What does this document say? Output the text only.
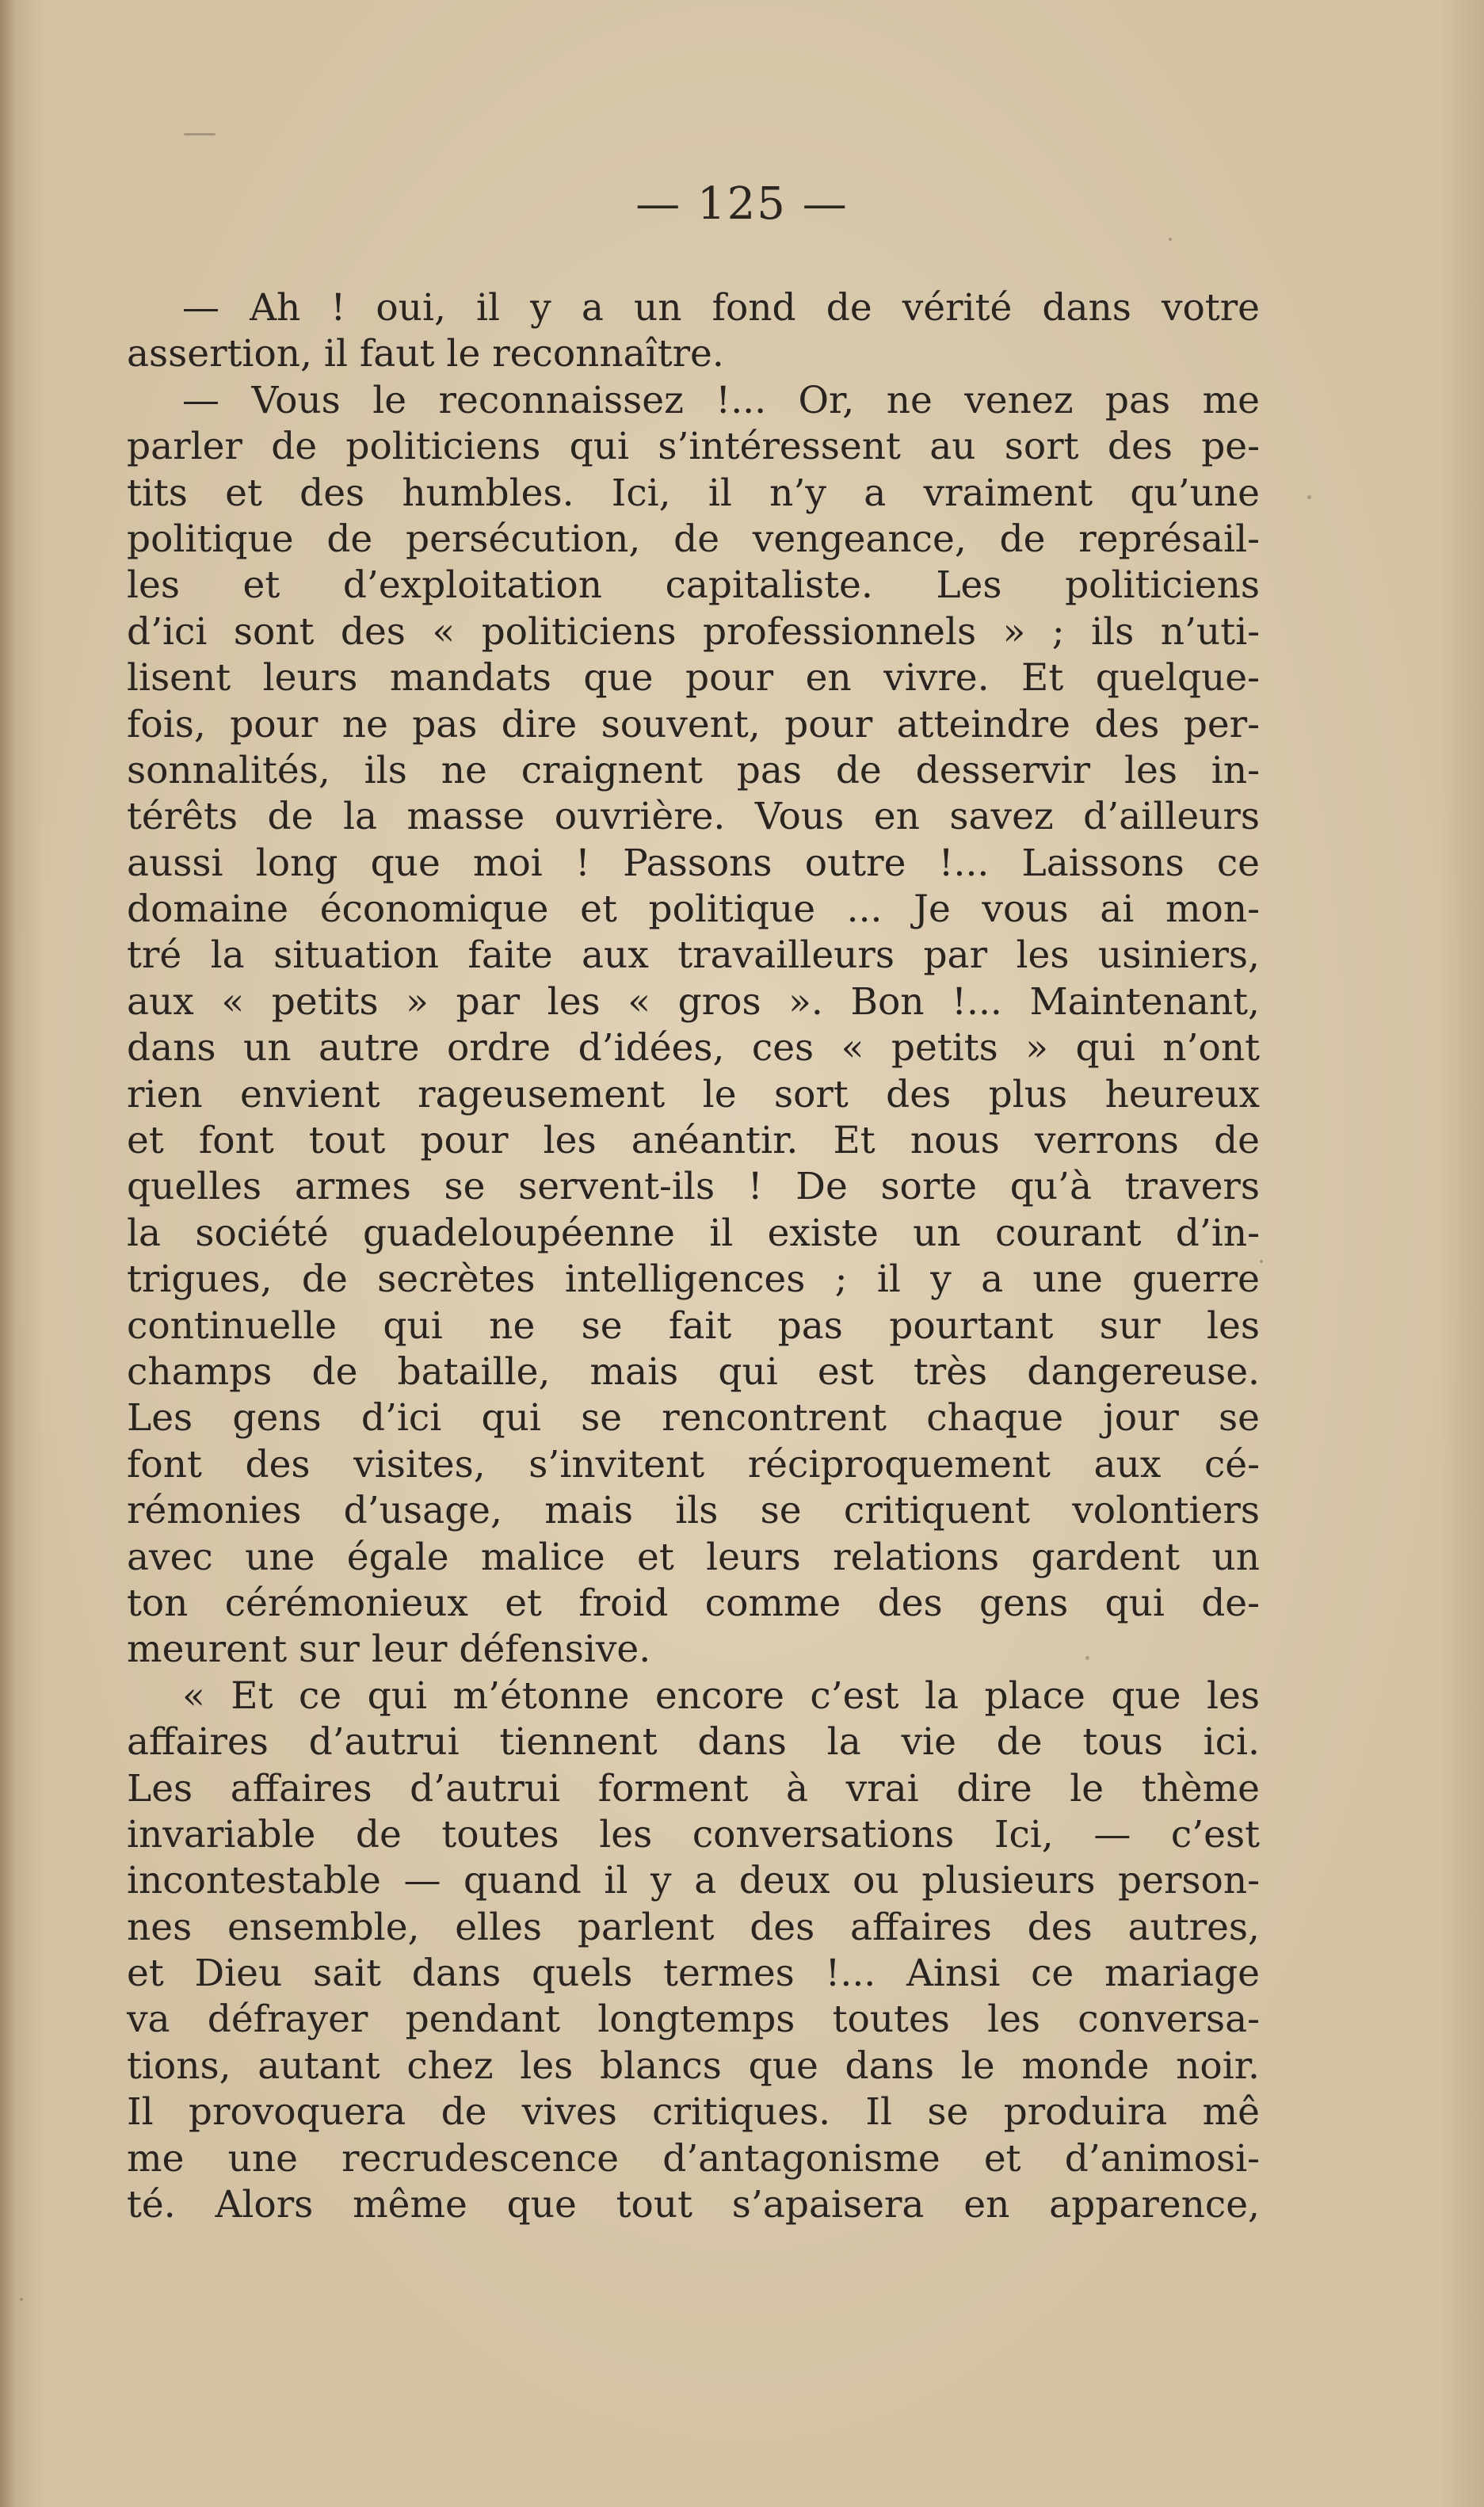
— 125 —
— Ah ! oui, il y a un fond de vérité dans votre
assertion, il faut le reconnaître.
— Vous le reconnaissez !... Or, ne venez pas me
parler de politiciens qui s’intéressent au sort des pe-
tits et des humbles. Ici, il n’y a vraiment qu’une
politique de persécution, de vengeance, de représail-
les et d’exploitation capitaliste. Les politiciens
d’ici sont des « politiciens professionnels » ; ils n’uti-
lisent leurs mandats que pour en vivre. Et quelque-
fois, pour ne pas dire souvent, pour atteindre des per-
sonnalités, ils ne craignent pas de desservir les in-
térêts de la masse ouvrière. Vous en savez d’ailleurs
aussi long que moi ! Passons outre !... Laissons ce
domaine économique et politique ... Je vous ai mon-
tré la situation faite aux travailleurs par les usiniers,
aux « petits » par les « gros ». Bon !... Maintenant,
dans un autre ordre d’idées, ces « petits » qui n’ont
rien envient rageusement le sort des plus heureux
et font tout pour les anéantir. Et nous verrons de
quelles armes se servent-ils ! De sorte qu’à travers
la société guadeloupéenne il existe un courant d’in-
trigues, de secrètes intelligences ; il y a une guerre
continuelle qui ne se fait pas pourtant sur les
champs de bataille, mais qui est très dangereuse.
Les gens d’ici qui se rencontrent chaque jour se
font des visites, s’invitent réciproquement aux cé-
rémonies d’usage, mais ils se critiquent volontiers
avec une égale malice et leurs relations gardent un
ton cérémonieux et froid comme des gens qui de-
meurent sur leur défensive.
« Et ce qui m’étonne encore c’est la place que les
affaires d’autrui tiennent dans la vie de tous ici.
Les affaires d’autrui forment à vrai dire le thème
invariable de toutes les conversations Ici, — c’est
incontestable — quand il y a deux ou plusieurs person-
nes ensemble, elles parlent des affaires des autres,
et Dieu sait dans quels termes !... Ainsi ce mariage
va défrayer pendant longtemps toutes les conversa-
tions, autant chez les blancs que dans le monde noir.
Il provoquera de vives critiques. Il se produira mê
me une recrudescence d’antagonisme et d’animosi-
té. Alors même que tout s’apaisera en apparence,
